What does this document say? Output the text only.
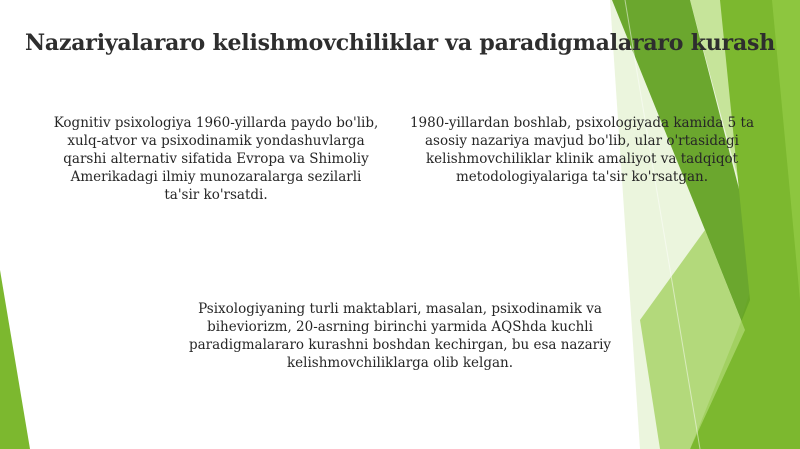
Nazariyalararo kelishmovchiliklar va paradigmalararo kurash
Kognitiv psixologiya 1960-yillarda paydo bo'lib, xulq-atvor va psixodinamik yondashuvlarga qarshi alternativ sifatida Evropa va Shimoliy Amerikadagi ilmiy munozaralarga sezilarli ta'sir ko'rsatdi.
1980-yillardan boshlab, psixologiyada kamida 5 ta asosiy nazariya mavjud bo'lib, ular o'rtasidagi kelishmovchiliklar klinik amaliyot va tadqiqot metodologiyalariga ta'sir ko'rsatgan.
Psixologiyaning turli maktablari, masalan, psixodinamik va biheviorizm, 20-asrning birinchi yarmida AQShda kuchli paradigmalararo kurashni boshdan kechirgan, bu esa nazariy kelishmovchiliklarga olib kelgan.
